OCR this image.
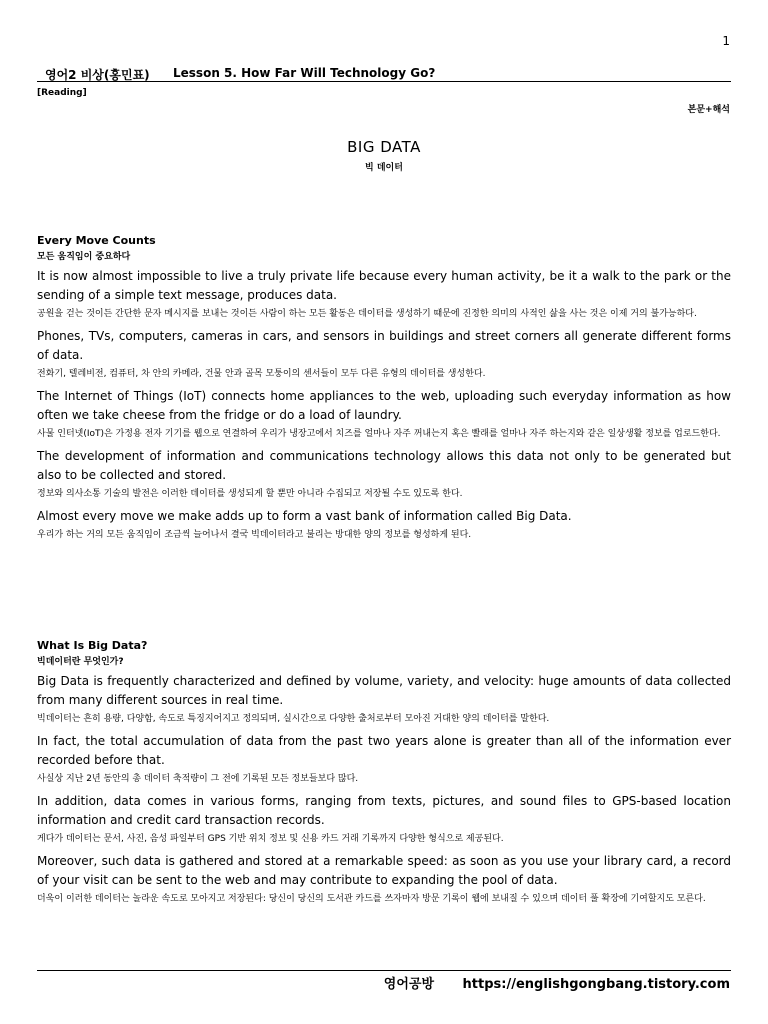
1
영어2 비상(홍민표) Lesson 5. How Far Will Technology Go?
[Reading]
본문+해석
BIG DATA
빅 데이터

Every Move Counts

모든 움직임이 중요하다

It is now almost impossible to live a truly private life because every human activity, be it a walk to the park or the sending of a simple text message, produces data.

공원을 걷는 것이든 간단한 문자 메시지를 보내는 것이든 사람이 하는 모든 활동은 데이터를 생성하기 때문에 진정한 의미의 사적인 삶을 사는 것은 이제 거의 불가능하다.

Phones, TVs, computers, cameras in cars, and sensors in buildings and street corners all generate different forms of data.

전화기, 텔레비전, 컴퓨터, 차 안의 카메라, 건물 안과 골목 모퉁이의 센서들이 모두 다른 유형의 데이터를 생성한다.

The Internet of Things (IoT) connects home appliances to the web, uploading such everyday information as how often we take cheese from the fridge or do a load of laundry.

사물 인터넷(IoT)은 가정용 전자 기기를 웹으로 연결하여 우리가 냉장고에서 치즈를 얼마나 자주 꺼내는지 혹은 빨래를 얼마나 자주 하는지와 같은 일상생활 정보를 업로드한다.

The development of information and communications technology allows this data not only to be generated but also to be collected and stored.

정보와 의사소통 기술의 발전은 이러한 데이터를 생성되게 할 뿐만 아니라 수집되고 저장될 수도 있도록 한다.

Almost every move we make adds up to form a vast bank of information called Big Data.

우리가 하는 거의 모든 움직임이 조금씩 늘어나서 결국 빅데이터라고 불리는 방대한 양의 정보를 형성하게 된다.

What Is Big Data?

빅데이터란 무엇인가?

Big Data is frequently characterized and defined by volume, variety, and velocity: huge amounts of data collected from many different sources in real time.

빅데이터는 흔히 용량, 다양함, 속도로 특징지어지고 정의되며, 실시간으로 다양한 출처로부터 모아진 거대한 양의 데이터를 말한다.

In fact, the total accumulation of data from the past two years alone is greater than all of the information ever recorded before that.

사실상 지난 2년 동안의 총 데이터 축적량이 그 전에 기록된 모든 정보들보다 많다.

In addition, data comes in various forms, ranging from texts, pictures, and sound files to GPS-based location information and credit card transaction records.

게다가 데이터는 문서, 사진, 음성 파일부터 GPS 기반 위치 정보 및 신용 카드 거래 기록까지 다양한 형식으로 제공된다.

Moreover, such data is gathered and stored at a remarkable speed: as soon as you use your library card, a record of your visit can be sent to the web and may contribute to expanding the pool of data.

더욱이 이러한 데이터는 놀라운 속도로 모아지고 저장된다: 당신이 당신의 도서관 카드를 쓰자마자 방문 기록이 웹에 보내질 수 있으며 데이터 풀 확장에 기여할지도 모른다.

영어공방 https://englishgongbang.tistory.com
